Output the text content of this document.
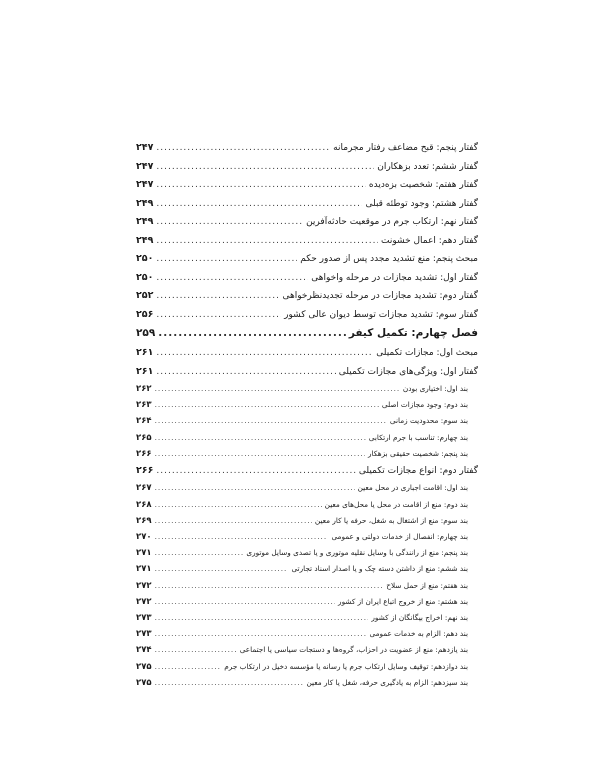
گفتار پنجم: قبح مضاعف رفتار مجرمانه
.....
۲۴۷
گفتار ششم: تعدد بزهکاران
.....
۲۴۷
گفتار هفتم: شخصیت بزه‌دیده
.....
۲۴۷
گفتار هشتم: وجود توطئه قبلی
.....
۲۴۹
گفتار نهم: ارتکاب جرم در موقعیت حادثه‌آفرین
.....
۲۴۹
گفتار دهم: اعمال خشونت
.....
۲۴۹
مبحث پنجم: منع تشدید مجدد پس از صدور حکم
.....
۲۵۰
گفتار اول: تشدید مجازات در مرحله واخواهی
.....
۲۵۰
گفتار دوم: تشدید مجازات در مرحله تجدیدنظرخواهی
.....
۲۵۲
گفتار سوم: تشدید مجازات توسط دیوان عالی کشور
.....
۲۵۶
فصل چهارم: تکمیل کیفر
.....
۲۵۹
مبحث اول: مجازات تکمیلی
.....
۲۶۱
گفتار اول: ویژگی‌های مجازات تکمیلی
.....
۲۶۱
بند اول: اختیاری بودن
.....
۲۶۲
بند دوم: وجود مجازات اصلی
.....
۲۶۳
بند سوم: محدودیت زمانی
.....
۲۶۴
بند چهارم: تناسب با جرم ارتکابی
.....
۲۶۵
بند پنجم: شخصیت حقیقی بزهکار
.....
۲۶۶
گفتار دوم: انواع مجازات تکمیلی
.....
۲۶۶
بند اول: اقامت اجباری در محل معین
.....
۲۶۷
بند دوم: منع از اقامت در محل یا محل‌های معین
.....
۲۶۸
بند سوم: منع از اشتغال به شغل، حرفه یا کار معین
.....
۲۶۹
بند چهارم: انفصال از خدمات دولتی و عمومی
.....
۲۷۰
بند پنجم: منع از رانندگی با وسایل نقلیه موتوری و یا تصدی وسایل موتوری
.....
۲۷۱
بند ششم: منع از داشتن دسته چک و یا اصدار اسناد تجارتی
.....
۲۷۱
بند هفتم: منع از حمل سلاح
.....
۲۷۲
بند هشتم: منع از خروج اتباع ایران از کشور
.....
۲۷۲
بند نهم: اخراج بیگانگان از کشور
.....
۲۷۳
بند دهم: الزام به خدمات عمومی
.....
۲۷۳
بند یازدهم: منع از عضویت در احزاب، گروه‌ها و دستجات سیاسی یا اجتماعی
.....
۲۷۴
بند دوازدهم: توقیف وسایل ارتکاب جرم یا رسانه یا مؤسسه دخیل در ارتکاب جرم
.....
۲۷۵
بند سیزدهم: الزام به یادگیری حرفه، شغل یا کار معین
.....
۲۷۵
